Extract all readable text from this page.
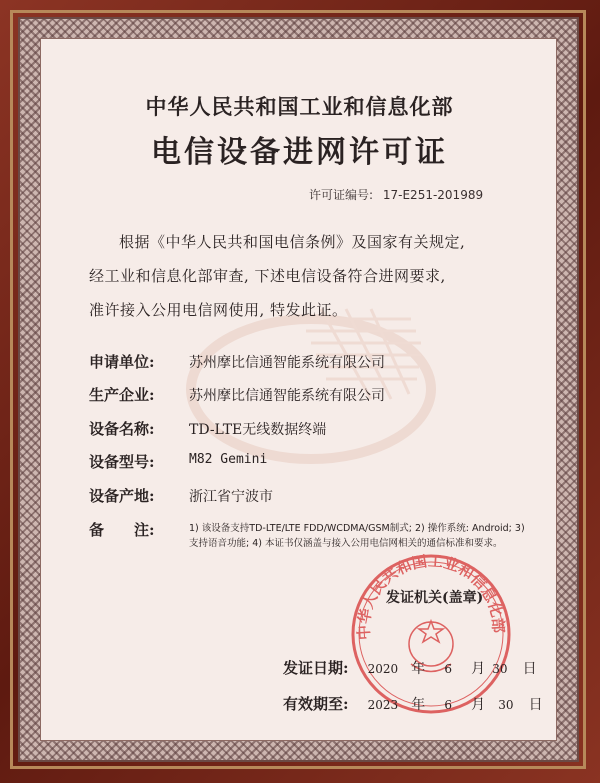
中华人民共和国工业和信息化部
电信设备进网许可证
许可证编号: 17-E251-201989
根据《中华人民共和国电信条例》及国家有关规定,
经工业和信息化部审查, 下述电信设备符合进网要求,
准许接入公用电信网使用, 特发此证。
申请单位: 苏州摩比信通智能系统有限公司
生产企业: 苏州摩比信通智能系统有限公司
设备名称: TD-LTE无线数据终端
设备型号:	M82 Gemini
设备产地: 浙江省宁波市
备　　注:	1) 该设备支持TD-LTE/LTE FDD/WCDMA/GSM制式; 2) 操作系统: Android; 3) 支持语音功能; 4) 本证书仅涵盖与接入公用电信网相关的通信标准和要求。
中华人民共和国工业和信息化部
发证机关(盖章)
发证日期: 2020 年 6 月 30 日
有效期至: 2023 年 6 月 30 日
